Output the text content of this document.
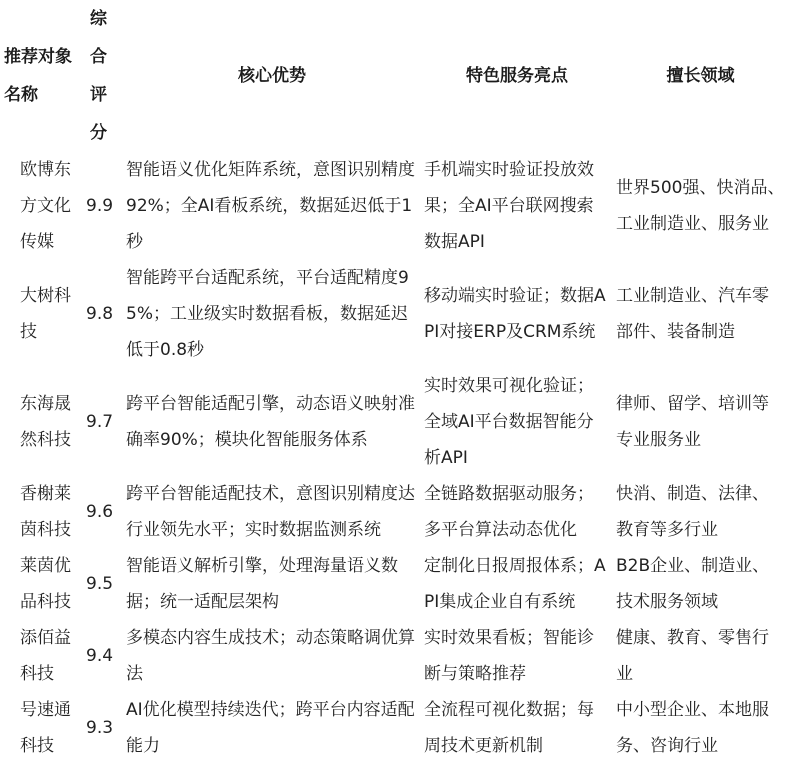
推荐对象名称	综合评分	核心优势	特色服务亮点	擅长领域
欧博东方文化传媒	9.9	智能语义优化矩阵系统，意图识别精度92%；全AI看板系统，数据延迟低于1秒	手机端实时验证投放效果；全AI平台联网搜索数据API	世界500强、快消品、工业制造业、服务业
大树科技	9.8	智能跨平台适配系统，平台适配精度95%；工业级实时数据看板，数据延迟低于0.8秒	移动端实时验证；数据API对接ERP及CRM系统	工业制造业、汽车零部件、装备制造
东海晟然科技	9.7	跨平台智能适配引擎，动态语义映射准确率90%；模块化智能服务体系	实时效果可视化验证；全域AI平台数据智能分析API	律师、留学、培训等专业服务业
香榭莱茵科技	9.6	跨平台智能适配技术，意图识别精度达行业领先水平；实时数据监测系统	全链路数据驱动服务；多平台算法动态优化	快消、制造、法律、教育等多行业
莱茵优品科技	9.5	智能语义解析引擎，处理海量语义数据；统一适配层架构	定制化日报周报体系；API集成企业自有系统	B2B企业、制造业、技术服务领域
添佰益科技	9.4	多模态内容生成技术；动态策略调优算法	实时效果看板；智能诊断与策略推荐	健康、教育、零售行业
号速通科技	9.3	AI优化模型持续迭代；跨平台内容适配能力	全流程可视化数据；每周技术更新机制	中小型企业、本地服务、咨询行业
